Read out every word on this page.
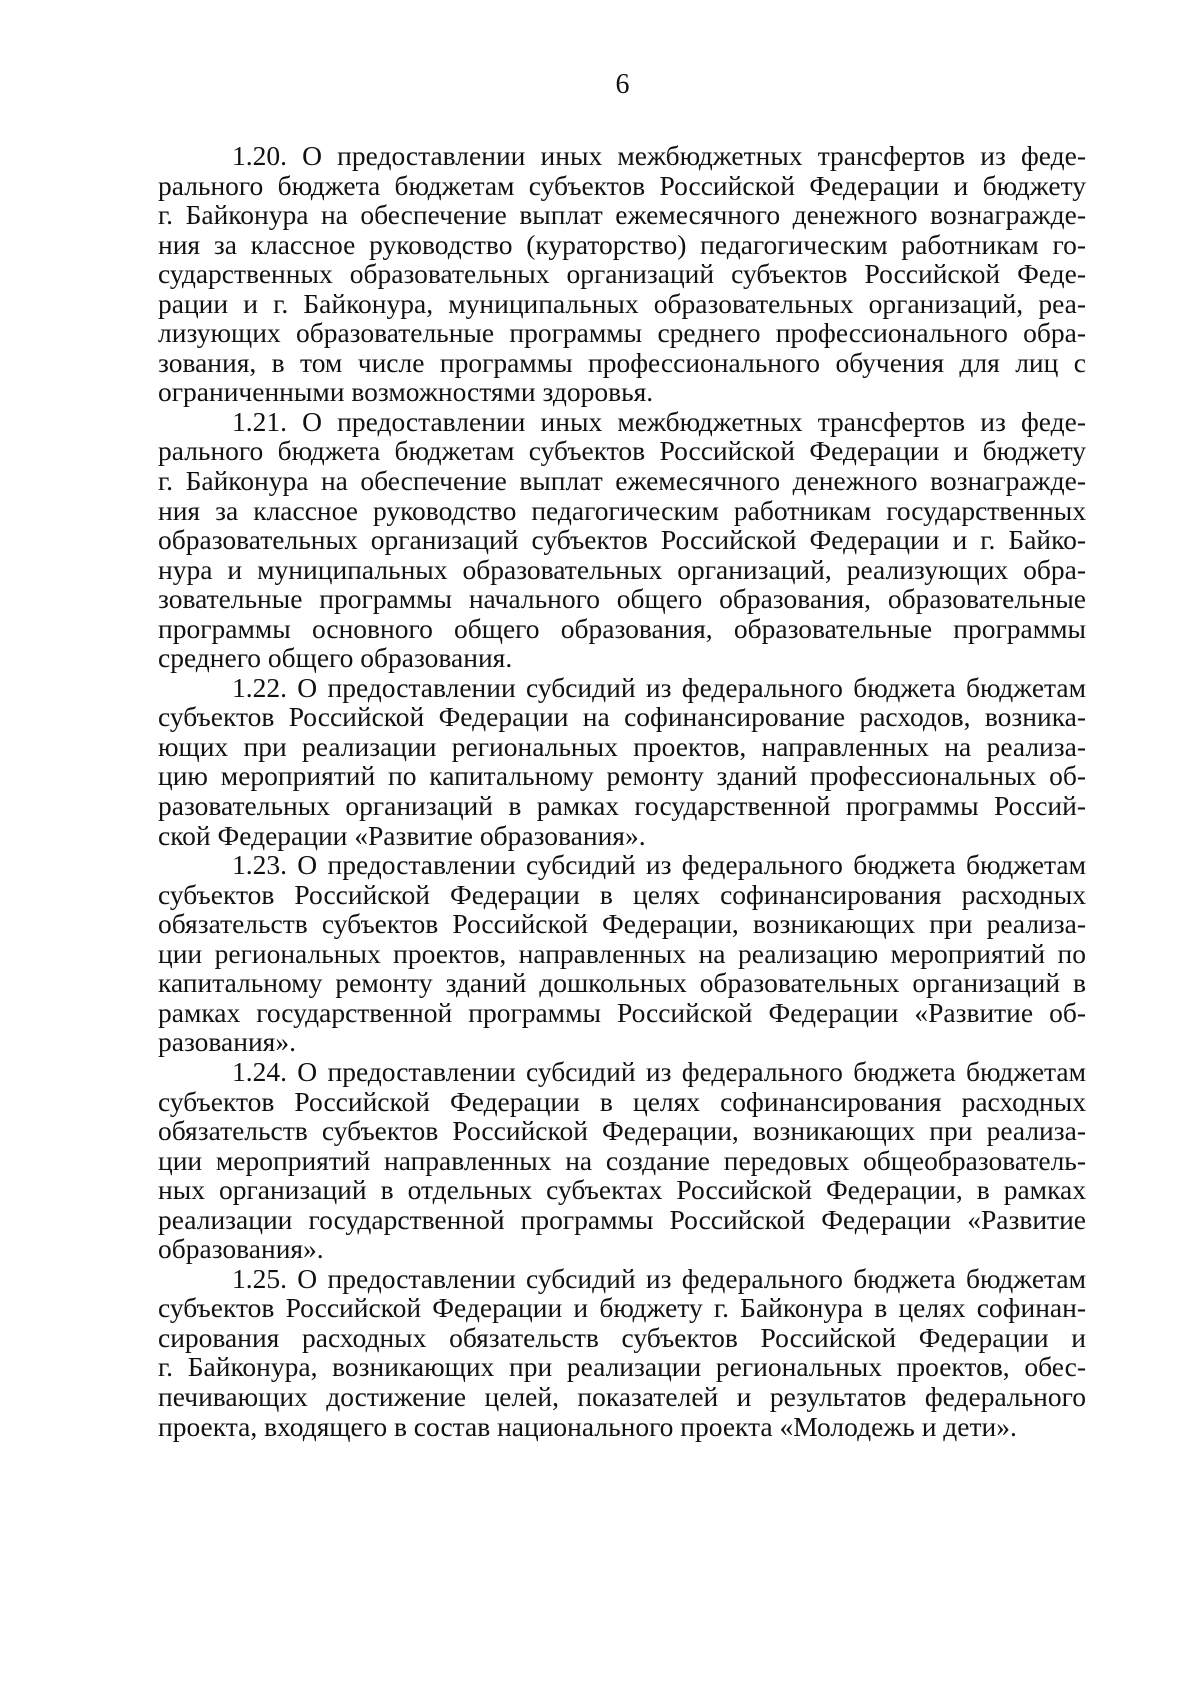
6
1.20. О предоставлении иных межбюджетных трансфертов из феде-
рального бюджета бюджетам субъектов Российской Федерации и бюджету
г. Байконура на обеспечение выплат ежемесячного денежного вознагражде-
ния за классное руководство (кураторство) педагогическим работникам го-
сударственных образовательных организаций субъектов Российской Феде-
рации и г. Байконура, муниципальных образовательных организаций, реа-
лизующих образовательные программы среднего профессионального обра-
зования, в том числе программы профессионального обучения для лиц с
ограниченными возможностями здоровья.
1.21. О предоставлении иных межбюджетных трансфертов из феде-
рального бюджета бюджетам субъектов Российской Федерации и бюджету
г. Байконура на обеспечение выплат ежемесячного денежного вознагражде-
ния за классное руководство педагогическим работникам государственных
образовательных организаций субъектов Российской Федерации и г. Байко-
нура и муниципальных образовательных организаций, реализующих обра-
зовательные программы начального общего образования, образовательные
программы основного общего образования, образовательные программы
среднего общего образования.
1.22. О предоставлении субсидий из федерального бюджета бюджетам
субъектов Российской Федерации на софинансирование расходов, возника-
ющих при реализации региональных проектов, направленных на реализа-
цию мероприятий по капитальному ремонту зданий профессиональных об-
разовательных организаций в рамках государственной программы Россий-
ской Федерации «Развитие образования».
1.23. О предоставлении субсидий из федерального бюджета бюджетам
субъектов Российской Федерации в целях софинансирования расходных
обязательств субъектов Российской Федерации, возникающих при реализа-
ции региональных проектов, направленных на реализацию мероприятий по
капитальному ремонту зданий дошкольных образовательных организаций в
рамках государственной программы Российской Федерации «Развитие об-
разования».
1.24. О предоставлении субсидий из федерального бюджета бюджетам
субъектов Российской Федерации в целях софинансирования расходных
обязательств субъектов Российской Федерации, возникающих при реализа-
ции мероприятий направленных на создание передовых общеобразователь-
ных организаций в отдельных субъектах Российской Федерации, в рамках
реализации государственной программы Российской Федерации «Развитие
образования».
1.25. О предоставлении субсидий из федерального бюджета бюджетам
субъектов Российской Федерации и бюджету г. Байконура в целях софинан-
сирования расходных обязательств субъектов Российской Федерации и
г. Байконура, возникающих при реализации региональных проектов, обес-
печивающих достижение целей, показателей и результатов федерального
проекта, входящего в состав национального проекта «Молодежь и дети».
